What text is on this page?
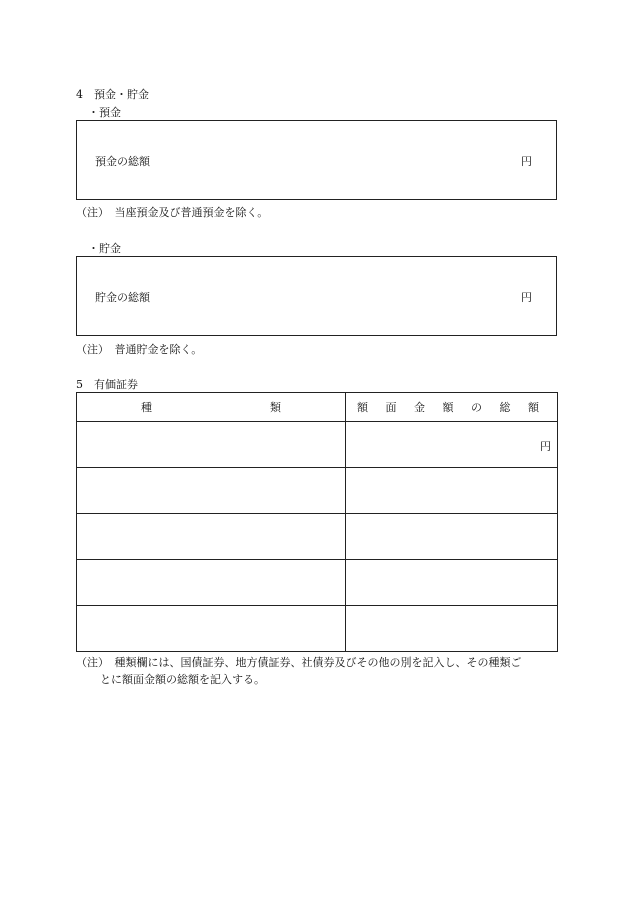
4　預金・貯金
・預金
預金の総額	円
（注）　当座預金及び普通預金を除く。
・貯金
貯金の総額	円
（注）　普通貯金を除く。
5　有価証券
種 類	額 面 金 額 の 総 額
	円

（注）　種類欄には、国債証券、地方債証券、社債券及びその他の別を記入し、その種類ご
とに額面金額の総額を記入する。
